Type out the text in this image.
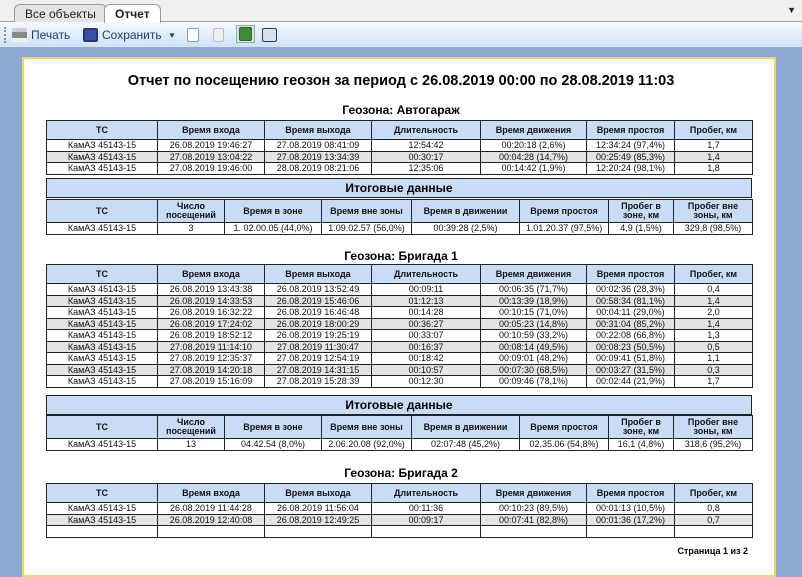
Все объекты	Отчет	▼
Печать	Сохранить ▼
Отчет по посещению геозон за период с 26.08.2019 00:00 по 28.08.2019 11:03
Геозона: Автогараж
ТС	Время входа	Время выхода	Длительность	Время движения	Время простоя	Пробег, км
КамАЗ 45143-15	26.08.2019 19:46:27	27.08.2019 08:41:09	12:54:42	00:20:18 (2,6%)	12:34:24 (97,4%)	1,7
КамАЗ 45143-15	27.08.2019 13:04:22	27.08.2019 13:34:39	00:30:17	00:04:28 (14,7%)	00:25:49 (85,3%)	1,4
КамАЗ 45143-15	27.08.2019 19:46:00	28.08.2019 08:21:06	12:35:06	00:14:42 (1,9%)	12:20:24 (98,1%)	1,8
Итоговые данные
ТС	Число посещений	Время в зоне	Время вне зоны	Время в движении	Время простоя	Пробег в зоне, км	Пробег вне зоны, км
КамАЗ 45143-15	3	1. 02.00.05 (44,0%)	1.09.02.57 (56,0%)	00:39:28 (2,5%)	1.01.20.37 (97,5%)	4,9 (1,5%)	329,8 (98,5%)
Геозона: Бригада 1
ТС	Время входа	Время выхода	Длительность	Время движения	Время простоя	Пробег, км
КамАЗ 45143-15	26.08.2019 13:43:38	26.08.2019 13:52:49	00:09:11	00:06:35 (71,7%)	00:02:36 (28,3%)	0,4
КамАЗ 45143-15	26.08.2019 14:33:53	26.08.2019 15:46:06	01:12:13	00:13:39 (18,9%)	00:58:34 (81,1%)	1,4
КамАЗ 45143-15	26.08.2019 16:32:22	26.08.2019 16:46:48	00:14:28	00:10:15 (71,0%)	00:04:11 (29,0%)	2,0
КамАЗ 45143-15	26.08.2019 17:24:02	26.08.2019 18:00:29	00:36:27	00:05:23 (14,8%)	00:31:04 (85,2%)	1,4
КамАЗ 45143-15	26.08.2019 18:52:12	26.08.2019 19:25:19	00:33:07	00:10:59 (33,2%)	00:22:08 (66,8%)	1,3
КамАЗ 45143-15	27.08.2019 11:14:10	27.08.2019 11:30:47	00:16:37	00:08:14 (49,5%)	00:08:23 (50,5%)	0,5
КамАЗ 45143-15	27.08.2019 12:35:37	27.08.2019 12:54:19	00:18:42	00:09:01 (48,2%)	00:09:41 (51,8%)	1,1
КамАЗ 45143-15	27.08.2019 14:20:18	27.08.2019 14:31:15	00:10:57	00:07:30 (68,5%)	00:03:27 (31,5%)	0,3
КамАЗ 45143-15	27.08.2019 15:16:09	27.08.2019 15:28:39	00:12:30	00:09:46 (78,1%)	00:02:44 (21,9%)	1,7
Итоговые данные
ТС	Число посещений	Время в зоне	Время вне зоны	Время в движении	Время простоя	Пробег в зоне, км	Пробег вне зоны, км
КамАЗ 45143-15	13	04.42.54 (8,0%)	2.06.20.08 (92,0%)	02:07:48 (45,2%)	02,35.06 (54,8%)	16,1 (4,8%)	318,6 (95,2%)
Геозона: Бригада 2
ТС	Время входа	Время выхода	Длительность	Время движения	Время простоя	Пробег, км
КамАЗ 45143-15	26.08.2019 11:44:28	26.08.2019 11:56:04	00:11:36	00:10:23 (89,5%)	00:01:13 (10,5%)	0,8
КамАЗ 45143-15	26.08.2019 12:40:08	26.08.2019 12:49:25	00:09:17	00:07:41 (82,8%)	00:01:36 (17,2%)	0,7

Страница 1 из 2
